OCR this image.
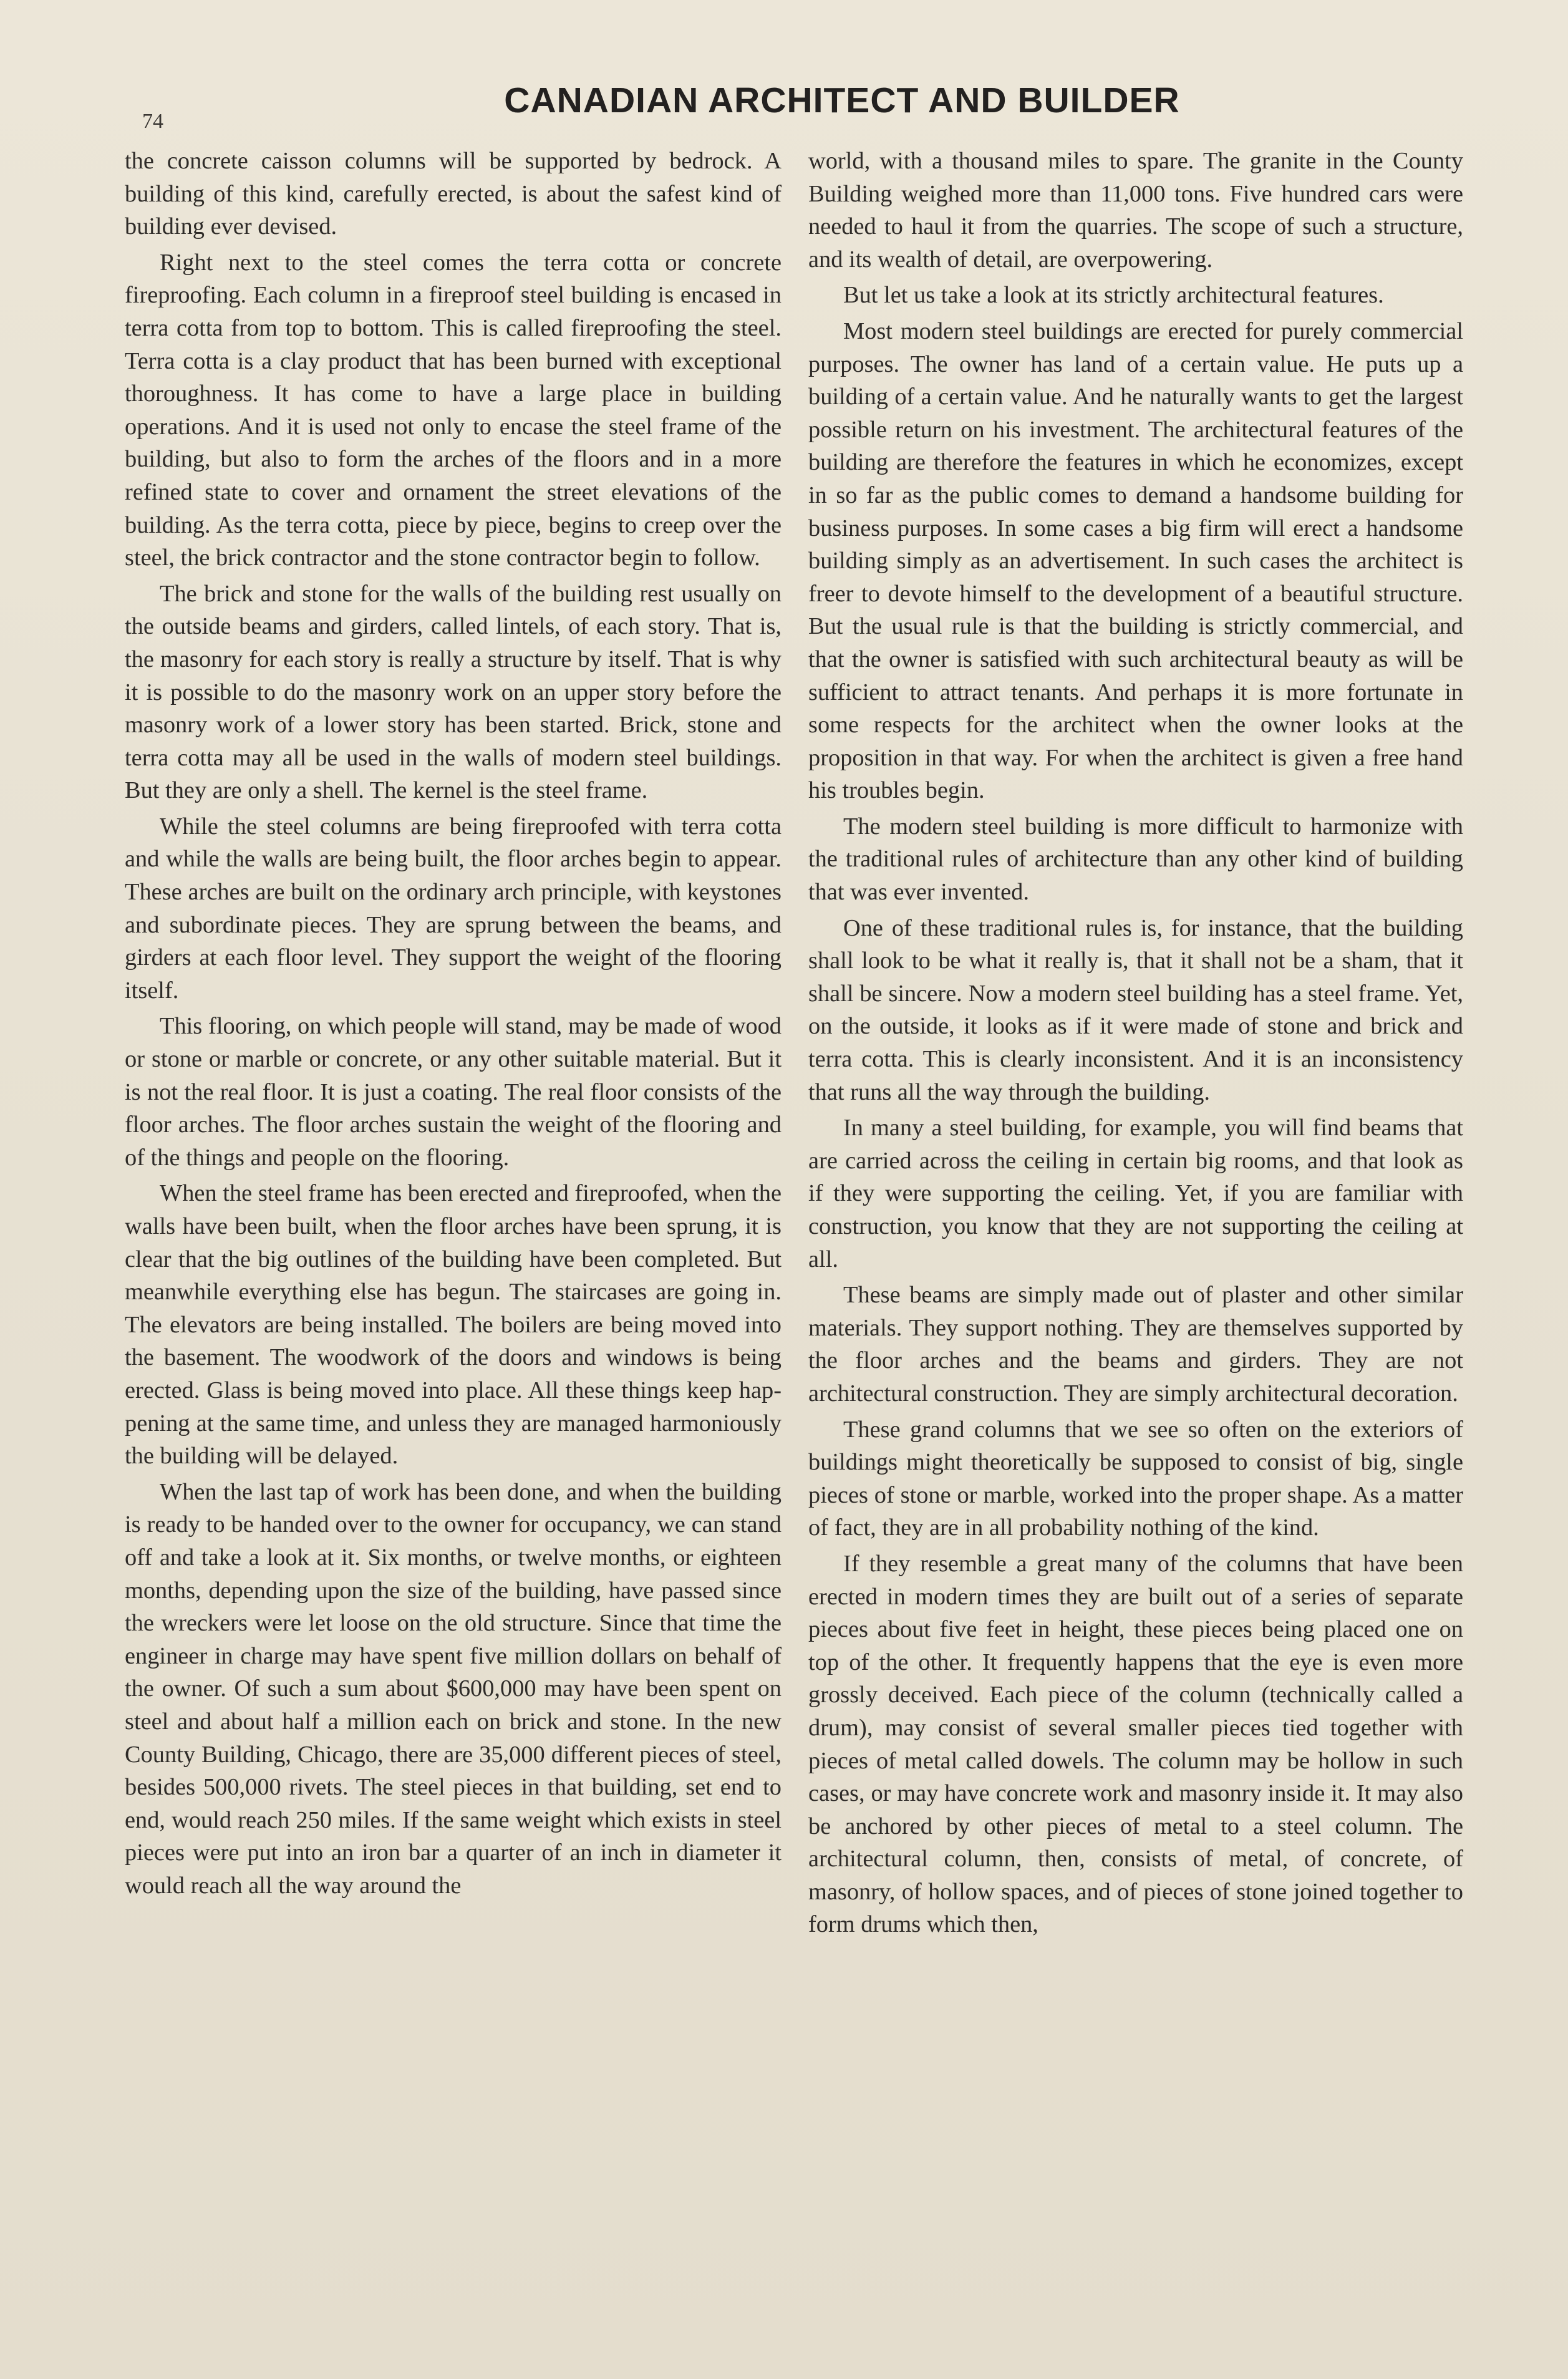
74
CANADIAN ARCHITECT AND BUILDER

the concrete caisson columns will be supported by bedrock. A building of this kind, carefully erected, is about the safest kind of building ever devised.

Right next to the steel comes the terra cotta or concrete fireproofing. Each column in a fireproof steel building is encased in terra cotta from top to bottom. This is called fireproofing the steel. Terra cotta is a clay product that has been burned with exceptional thoroughness. It has come to have a large place in building operations. And it is used not only to encase the steel frame of the building, but also to form the arches of the floors and in a more refined state to cover and ornament the street elevations of the building. As the terra cotta, piece by piece, begins to creep over the steel, the brick contractor and the stone contractor begin to follow.

The brick and stone for the walls of the building rest usually on the outside beams and girders, called lintels, of each story. That is, the masonry for each story is really a structure by itself. That is why it is possible to do the masonry work on an upper story before the masonry work of a lower story has been started. Brick, stone and terra cotta may all be used in the walls of modern steel buildings. But they are only a shell. The kernel is the steel frame.

While the steel columns are being fireproofed with terra cotta and while the walls are being built, the floor arches begin to appear. These arches are built on the ordinary arch principle, with keystones and subordinate pieces. They are sprung between the beams, and girders at each floor level. They support the weight of the flooring itself.

This flooring, on which people will stand, may be made of wood or stone or marble or concrete, or any other suitable material. But it is not the real floor. It is just a coating. The real floor consists of the floor arches. The floor arches sustain the weight of the flooring and of the things and people on the flooring.

When the steel frame has been erected and fireproofed, when the walls have been built, when the floor arches have been sprung, it is clear that the big outlines of the building have been completed. But meanwhile everything else has begun. The staircases are going in. The elevators are being installed. The boilers are being moved into the basement. The woodwork of the doors and windows is being erected. Glass is being moved into place. All these things keep happening at the same time, and unless they are managed harmoniously the building will be delayed.

When the last tap of work has been done, and when the building is ready to be handed over to the owner for occupancy, we can stand off and take a look at it. Six months, or twelve months, or eighteen months, depending upon the size of the building, have passed since the wreckers were let loose on the old structure. Since that time the engineer in charge may have spent five million dollars on behalf of the owner. Of such a sum about $600,000 may have been spent on steel and about half a million each on brick and stone. In the new County Building, Chicago, there are 35,000 different pieces of steel, besides 500,000 rivets. The steel pieces in that building, set end to end, would reach 250 miles. If the same weight which exists in steel pieces were put into an iron bar a quarter of an inch in diameter it would reach all the way around the

world, with a thousand miles to spare. The granite in the County Building weighed more than 11,000 tons. Five hundred cars were needed to haul it from the quarries. The scope of such a structure, and its wealth of detail, are overpowering.

But let us take a look at its strictly architectural features.

Most modern steel buildings are erected for purely commercial purposes. The owner has land of a certain value. He puts up a building of a certain value. And he naturally wants to get the largest possible return on his investment. The architectural features of the building are therefore the features in which he economizes, except in so far as the public comes to demand a handsome building for business purposes. In some cases a big firm will erect a handsome building simply as an advertisement. In such cases the architect is freer to devote himself to the development of a beautiful structure. But the usual rule is that the building is strictly commercial, and that the owner is satisfied with such architectural beauty as will be sufficient to attract tenants. And perhaps it is more fortunate in some respects for the architect when the owner looks at the proposition in that way. For when the architect is given a free hand his troubles begin.

The modern steel building is more difficult to harmonize with the traditional rules of architecture than any other kind of building that was ever invented.

One of these traditional rules is, for instance, that the building shall look to be what it really is, that it shall not be a sham, that it shall be sincere. Now a modern steel building has a steel frame. Yet, on the outside, it looks as if it were made of stone and brick and terra cotta. This is clearly inconsistent. And it is an inconsistency that runs all the way through the building.

In many a steel building, for example, you will find beams that are carried across the ceiling in certain big rooms, and that look as if they were supporting the ceiling. Yet, if you are familiar with construction, you know that they are not supporting the ceiling at all.

These beams are simply made out of plaster and other similar materials. They support nothing. They are themselves supported by the floor arches and the beams and girders. They are not architectural construction. They are simply architectural decoration.

These grand columns that we see so often on the exteriors of buildings might theoretically be supposed to consist of big, single pieces of stone or marble, worked into the proper shape. As a matter of fact, they are in all probability nothing of the kind.

If they resemble a great many of the columns that have been erected in modern times they are built out of a series of separate pieces about five feet in height, these pieces being placed one on top of the other. It frequently happens that the eye is even more grossly deceived. Each piece of the column (technically called a drum), may consist of several smaller pieces tied together with pieces of metal called dowels. The column may be hollow in such cases, or may have concrete work and masonry inside it. It may also be anchored by other pieces of metal to a steel column. The architectural column, then, consists of metal, of concrete, of masonry, of hollow spaces, and of pieces of stone joined together to form drums which then,
